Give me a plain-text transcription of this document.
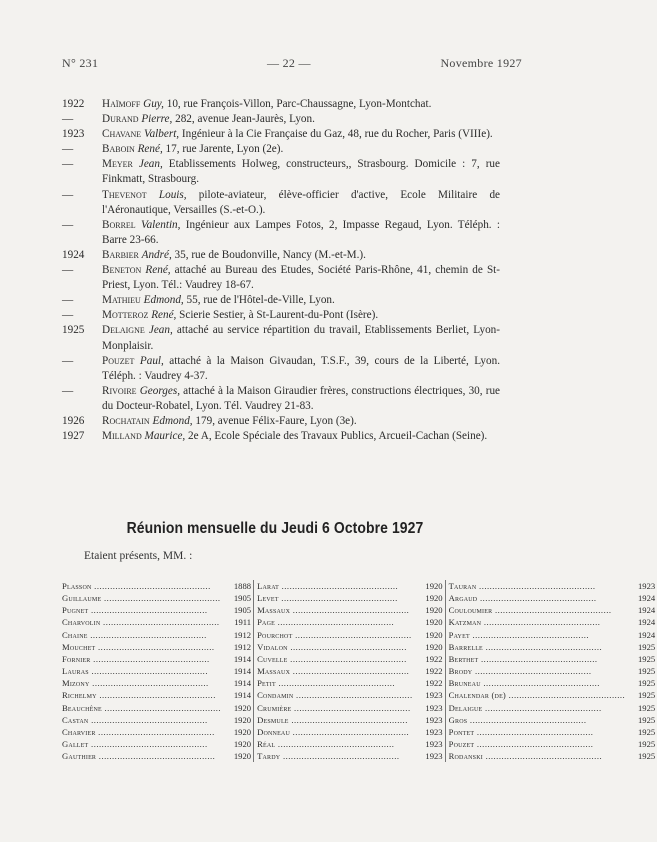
N° 231	— 22 —	Novembre 1927
1922	Haïmoff Guy, 10, rue François-Villon, Parc-Chaussagne, Lyon-Montchat.
—	Durand Pierre, 282, avenue Jean-Jaurès, Lyon.
1923	Chavane Valbert, Ingénieur à la Cie Française du Gaz, 48, rue du Rocher, Paris (VIIIe).
—	Baboin René, 17, rue Jarente, Lyon (2e).
—	Meyer Jean, Etablissements Holweg, constructeurs,, Strasbourg. Domicile : 7, rue Finkmatt, Strasbourg.
—	Thevenot Louis, pilote-aviateur, élève-officier d'active, Ecole Militaire de l'Aéronautique, Versailles (S.-et-O.).
—	Borrel Valentin, Ingénieur aux Lampes Fotos, 2, Impasse Regaud, Lyon. Téléph. : Barre 23-66.
1924	Barbier André, 35, rue de Boudonville, Nancy (M.-et-M.).
—	Beneton René, attaché au Bureau des Etudes, Société Paris-Rhône, 41, chemin de St-Priest, Lyon. Tél.: Vaudrey 18-67.
—	Mathieu Edmond, 55, rue de l'Hôtel-de-Ville, Lyon.
—	Motteroz René, Scierie Sestier, à St-Laurent-du-Pont (Isère).
1925	Delaigne Jean, attaché au service répartition du travail, Etablissements Berliet, Lyon-Monplaisir.
—	Pouzet Paul, attaché à la Maison Givaudan, T.S.F., 39, cours de la Liberté, Lyon. Téléph. : Vaudrey 4-37.
—	Rivoire Georges, attaché à la Maison Giraudier frères, constructions électriques, 30, rue du Docteur-Robatel, Lyon. Tél. Vaudrey 21-83.
1926	Rochatain Edmond, 179, avenue Félix-Faure, Lyon (3e).
1927	Milland Maurice, 2e A, Ecole Spéciale des Travaux Publics, Arcueil-Cachan (Seine).
Réunion mensuelle du Jeudi 6 Octobre 1927
Etaient présents, MM. :
Plasson .....	1888
Guillaume .....	1905
Pugnet .....	1905
Charvolin .....	1911
Chaine .....	1912
Mouchet .....	1912
Fornier .....	1914
Lauras .....	1914
Mizony .....	1914
Richelmy .....	1914
Beauchêne .....	1920
Castan .....	1920
Charvier .....	1920
Gallet .....	1920
Gauthier .....	1920
Larat .....	1920
Levet .....	1920
Massaux .....	1920
Page .....	1920
Pourchot .....	1920
Vidalon .....	1920
Cuvelle .....	1922
Massaux .....	1922
Petit .....	1922
Condamin .....	1923
Crumière .....	1923
Desmule .....	1923
Donneau .....	1923
Réal .....	1923
Tardy .....	1923
Tauran .....	1923
Argaud .....	1924
Couloumier .....	1924
Katzman .....	1924
Payet .....	1924
Barrelle .....	1925
Berthet .....	1925
Brody .....	1925
Bruneau .....	1925
Chalendar (de) .....	1925
Delaigue .....	1925
Gros .....	1925
Pontet .....	1925
Pouzet .....	1925
Rodanski .....	1925
